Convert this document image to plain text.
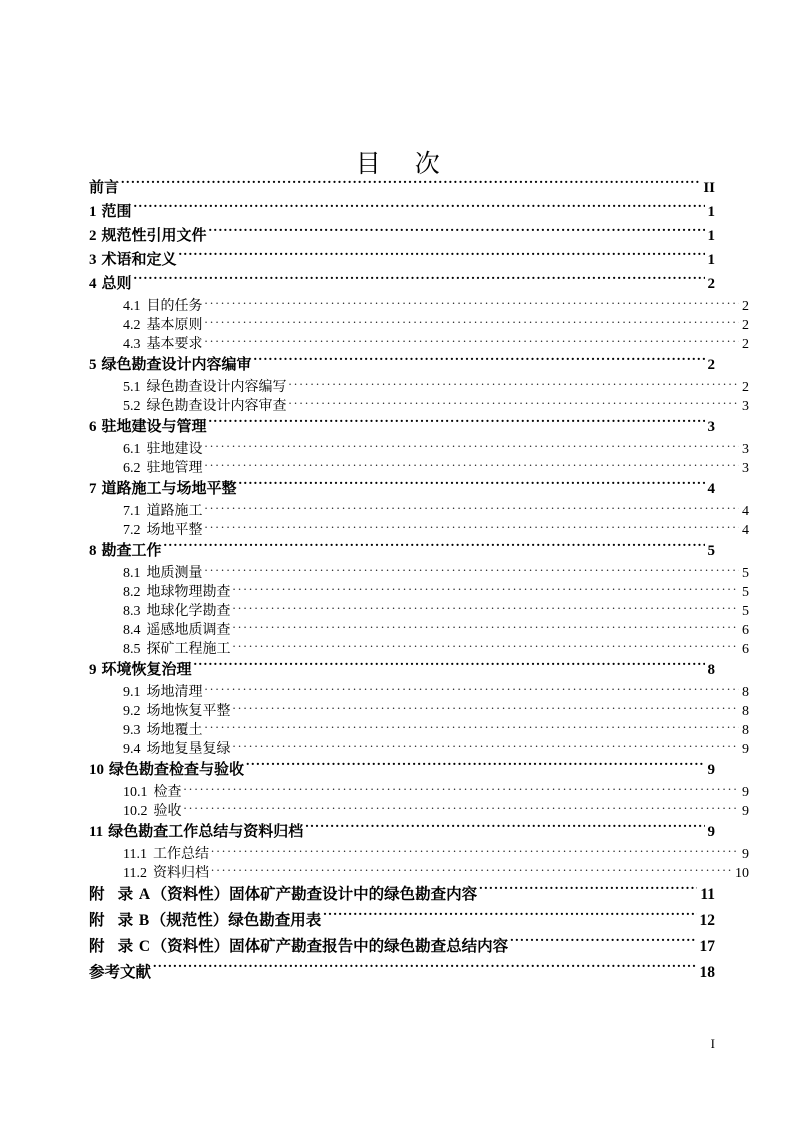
目　次
前言 . . .	II
1 范围 . . .	1
2 规范性引用文件 . . .	1
3 术语和定义 . . .	1
4 总则 . . .	2
4.1 目的任务 . . .	2
4.2 基本原则 . . .	2
4.3 基本要求 . . .	2
5 绿色勘查设计内容编审 . . .	2
5.1 绿色勘查设计内容编写 . . .	2
5.2 绿色勘查设计内容审查 . . .	3
6 驻地建设与管理 . . .	3
6.1 驻地建设 . . .	3
6.2 驻地管理 . . .	3
7 道路施工与场地平整 . . .	4
7.1 道路施工 . . .	4
7.2 场地平整 . . .	4
8 勘查工作 . . .	5
8.1 地质测量 . . .	5
8.2 地球物理勘查 . . .	5
8.3 地球化学勘查 . . .	5
8.4 遥感地质调查 . . .	6
8.5 探矿工程施工 . . .	6
9 环境恢复治理 . . .	8
9.1 场地清理 . . .	8
9.2 场地恢复平整 . . .	8
9.3 场地覆土 . . .	8
9.4 场地复垦复绿 . . .	9
10 绿色勘查检查与验收 . . .	9
10.1 检查 . . .	9
10.2 验收 . . .	9
11 绿色勘查工作总结与资料归档 . . .	9
11.1 工作总结 . . .	9
11.2 资料归档 . . .	10
附 录A（资料性）固体矿产勘查设计中的绿色勘查内容 . . .	11
附 录B（规范性）绿色勘查用表 . . .	12
附 录C（资料性）固体矿产勘查报告中的绿色勘查总结内容 . . .	17
参考文献 . . .	18
I
